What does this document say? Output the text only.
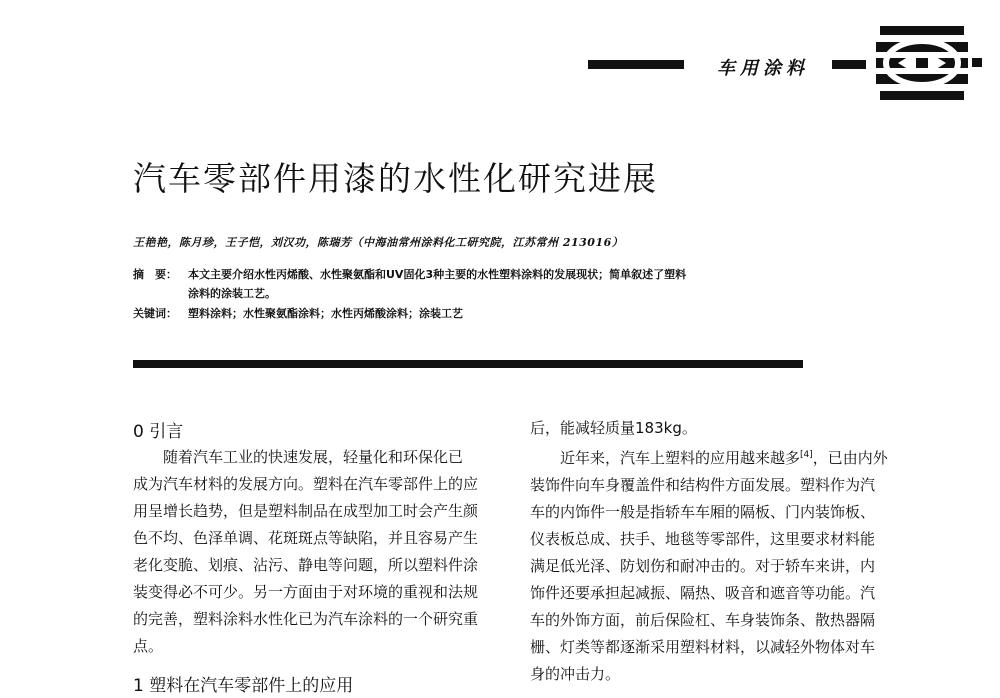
车用涂料
汽车零部件用漆的水性化研究进展
王艳艳，陈月珍，王子恺，刘汉功，陈瑞芳（中海油常州涂料化工研究院，江苏常州 213016）
摘　要： 本文主要介绍水性丙烯酸、水性聚氨酯和UV固化3种主要的水性塑料涂料的发展现状；简单叙述了塑料
涂料的涂装工艺。
关键词： 塑料涂料；水性聚氨酯涂料；水性丙烯酸涂料；涂装工艺

0 引言

随着汽车工业的快速发展，轻量化和环保化已

成为汽车材料的发展方向。塑料在汽车零部件上的应

用呈增长趋势，但是塑料制品在成型加工时会产生颜

色不均、色泽单调、花斑斑点等缺陷，并且容易产生

老化变脆、划痕、沾污、静电等问题，所以塑料件涂

装变得必不可少。另一方面由于对环境的重视和法规

的完善，塑料涂料水性化已为汽车涂料的一个研究重

点。

1 塑料在汽车零部件上的应用

后，能减轻质量183kg。

近年来，汽车上塑料的应用越来越多[4]，已由内外

装饰件向车身覆盖件和结构件方面发展。塑料作为汽

车的内饰件一般是指轿车车厢的隔板、门内装饰板、

仪表板总成、扶手、地毯等零部件，这里要求材料能

满足低光泽、防划伤和耐冲击的。对于轿车来讲，内

饰件还要承担起减振、隔热、吸音和遮音等功能。汽

车的外饰方面，前后保险杠、车身装饰条、散热器隔

栅、灯类等都逐渐采用塑料材料，以减轻外物体对车

身的冲击力。
